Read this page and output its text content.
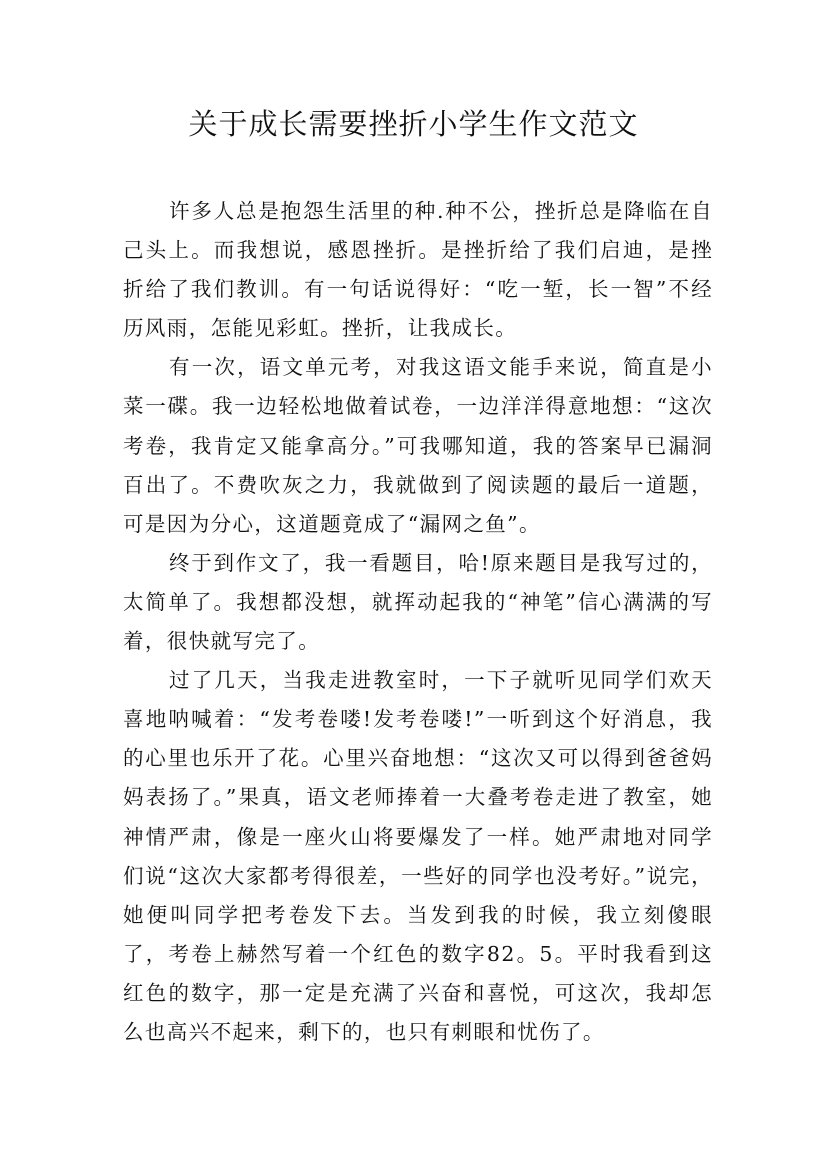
关于成长需要挫折小学生作文范文

许多人总是抱怨生活里的种.种不公，挫折总是降临在自己头上。而我想说，感恩挫折。是挫折给了我们启迪，是挫折给了我们教训。有一句话说得好：“吃一堑，长一智”不经历风雨，怎能见彩虹。挫折，让我成长。

有一次，语文单元考，对我这语文能手来说，简直是小菜一碟。我一边轻松地做着试卷，一边洋洋得意地想：“这次考卷，我肯定又能拿高分。”可我哪知道，我的答案早已漏洞百出了。不费吹灰之力，我就做到了阅读题的最后一道题，可是因为分心，这道题竟成了“漏网之鱼”。

终于到作文了，我一看题目，哈!原来题目是我写过的，太简单了。我想都没想，就挥动起我的“神笔”信心满满的写着，很快就写完了。

过了几天，当我走进教室时，一下子就听见同学们欢天喜地呐喊着：“发考卷喽!发考卷喽!”一听到这个好消息，我的心里也乐开了花。心里兴奋地想：“这次又可以得到爸爸妈妈表扬了。”果真，语文老师捧着一大叠考卷走进了教室，她神情严肃，像是一座火山将要爆发了一样。她严肃地对同学们说“这次大家都考得很差，一些好的同学也没考好。”说完，她便叫同学把考卷发下去。当发到我的时候，我立刻傻眼了，考卷上赫然写着一个红色的数字82。5。平时我看到这红色的数字，那一定是充满了兴奋和喜悦，可这次，我却怎么也高兴不起来，剩下的，也只有刺眼和忧伤了。
